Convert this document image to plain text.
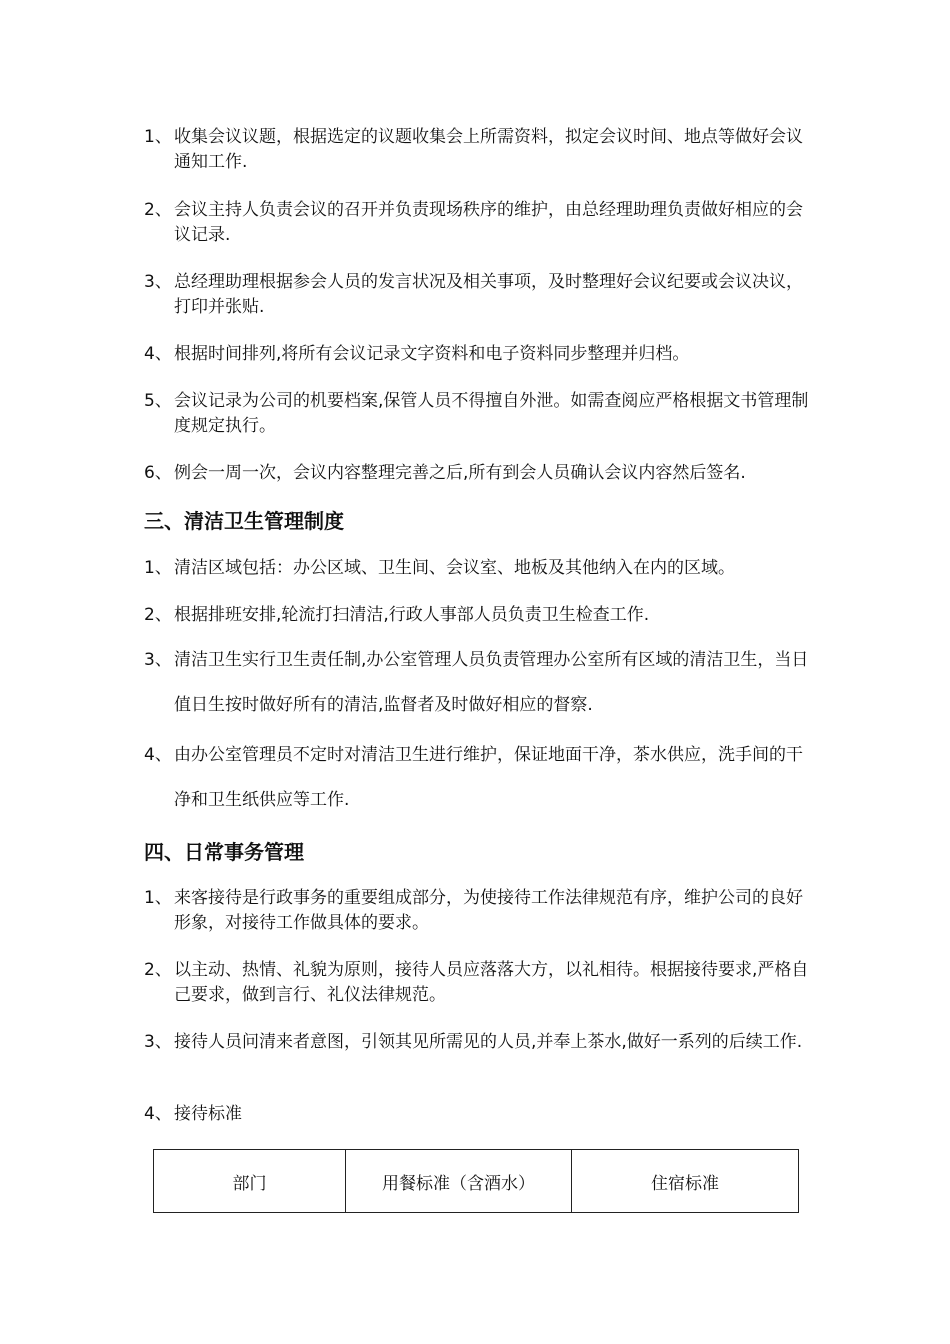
1、 收集会议议题，根据选定的议题收集会上所需资料，拟定会议时间、地点等做好会议通知工作.
2、 会议主持人负责会议的召开并负责现场秩序的维护，由总经理助理负责做好相应的会议记录.
3、 总经理助理根据参会人员的发言状况及相关事项，及时整理好会议纪要或会议决议，打印并张贴.
4、 根据时间排列,将所有会议记录文字资料和电子资料同步整理并归档。
5、 会议记录为公司的机要档案,保管人员不得擅自外泄。如需查阅应严格根据文书管理制度规定执行。
6、 例会一周一次，会议内容整理完善之后,所有到会人员确认会议内容然后签名.
三、清洁卫生管理制度
1、 清洁区域包括：办公区域、卫生间、会议室、地板及其他纳入在内的区域。
2、 根据排班安排,轮流打扫清洁,行政人事部人员负责卫生检查工作.
3、 清洁卫生实行卫生责任制,办公室管理人员负责管理办公室所有区域的清洁卫生，当日值日生按时做好所有的清洁,监督者及时做好相应的督察.
4、 由办公室管理员不定时对清洁卫生进行维护，保证地面干净，茶水供应，洗手间的干净和卫生纸供应等工作.
四、日常事务管理
1、 来客接待是行政事务的重要组成部分，为使接待工作法律规范有序，维护公司的良好形象，对接待工作做具体的要求。
2、 以主动、热情、礼貌为原则，接待人员应落落大方，以礼相待。根据接待要求,严格自己要求，做到言行、礼仪法律规范。
3、 接待人员问清来者意图，引领其见所需见的人员,并奉上茶水,做好一系列的后续工作.
4、 接待标准
部门	用餐标准（含酒水）	住宿标准
